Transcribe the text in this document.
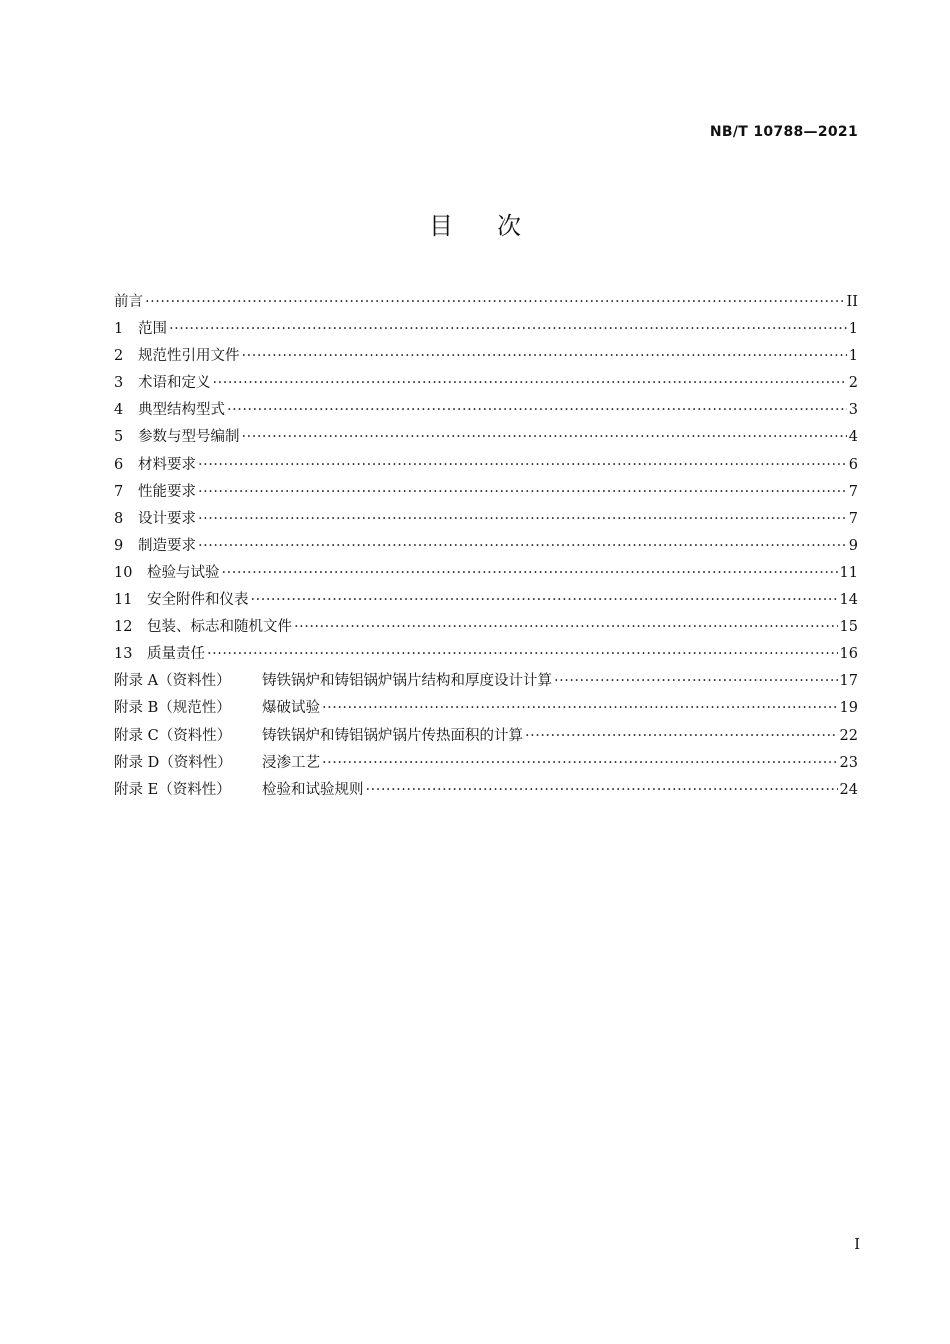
NB/T 10788—2021
目次
前言 ·····	II
1	范围 ·····	1
2	规范性引用文件 ·····	1
3	术语和定义 ·····	2
4	典型结构型式 ·····	3
5	参数与型号编制 ·····	4
6	材料要求 ·····	6
7	性能要求 ·····	7
8	设计要求 ·····	7
9	制造要求 ·····	9
10	检验与试验 ·····	11
11	安全附件和仪表 ·····	14
12	包装、标志和随机文件 ·····	15
13	质量责任 ·····	16
附录 A（资料性）	铸铁锅炉和铸铝锅炉锅片结构和厚度设计计算 ·····	17
附录 B（规范性）	爆破试验 ·····	19
附录 C（资料性）	铸铁锅炉和铸铝锅炉锅片传热面积的计算 ·····	22
附录 D（资料性）	浸渗工艺 ·····	23
附录 E（资料性）	检验和试验规则 ·····	24
I
